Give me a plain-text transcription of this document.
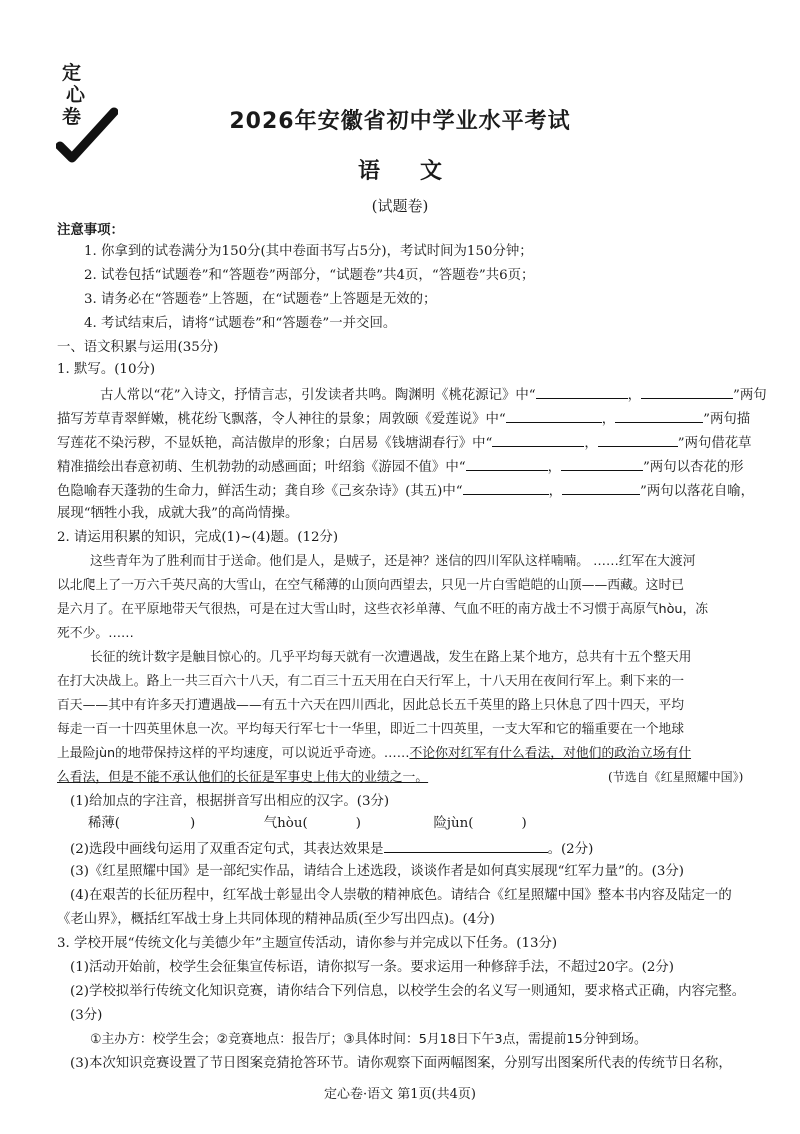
定
心
卷	2026年安徽省初中学业水平考试
语文
(试题卷)
注意事项：
1. 你拿到的试卷满分为150分(其中卷面书写占5分)，考试时间为150分钟；
2. 试卷包括“试题卷”和“答题卷”两部分，“试题卷”共4页，“答题卷”共6页；
3. 请务必在“答题卷”上答题，在“试题卷”上答题是无效的；
4. 考试结束后，请将“试题卷”和“答题卷”一并交回。
一、语文积累与运用(35分)
1. 默写。(10分)
古人常以“花”入诗文，抒情言志，引发读者共鸣。陶渊明《桃花源记》中“	，	”两句
描写芳草青翠鲜嫩，桃花纷飞飘落，令人神往的景象；周敦颐《爱莲说》中“	，	”两句描
写莲花不染污秽，不显妖艳，高洁傲岸的形象；白居易《钱塘湖春行》中“	，	”两句借花草
精准描绘出春意初萌、生机勃勃的动感画面；叶绍翁《游园不值》中“	，	”两句以杏花的形
色隐喻春天蓬勃的生命力，鲜活生动；龚自珍《己亥杂诗》(其五)中“	，	”两句以落花自喻，
展现“牺牲小我，成就大我”的高尚情操。
2. 请运用积累的知识，完成(1)~(4)题。(12分)
这些青年为了胜利而甘于送命。他们是人，是贼子，还是神？迷信的四川军队这样喃喃。 ……红军在大渡河
以北爬上了一万六千英尺高的大雪山，在空气稀薄的山顶向西望去，只见一片白雪皑皑的山顶——西藏。这时已
是六月了。在平原地带天气很热，可是在过大雪山时，这些衣衫单薄、气血不旺的南方战士不习惯于高原气hòu，冻
死不少。……
长征的统计数字是触目惊心的。几乎平均每天就有一次遭遇战，发生在路上某个地方，总共有十五个整天用
在打大决战上。路上一共三百六十八天，有二百三十五天用在白天行军上，十八天用在夜间行军上。剩下来的一
百天——其中有许多天打遭遇战——有五十六天在四川西北，因此总长五千英里的路上只休息了四十四天，平均
每走一百一十四英里休息一次。平均每天行军七十一华里，即近二十四英里，一支大军和它的辎重要在一个地球
上最险jùn的地带保持这样的平均速度，可以说近乎奇迹。……不论你对红军有什么看法，对他们的政治立场有什
么看法，但是不能不承认他们的长征是军事史上伟大的业绩之一。	(节选自《红星照耀中国》)
(1)给加点的字注音，根据拼音写出相应的汉字。(3分)
稀薄(	)	气hòu(	)	险jùn(	)
(2)选段中画线句运用了双重否定句式，其表达效果是	。(2分)
(3)《红星照耀中国》是一部纪实作品，请结合上述选段，谈谈作者是如何真实展现“红军力量”的。(3分)
(4)在艰苦的长征历程中，红军战士彰显出令人崇敬的精神底色。请结合《红星照耀中国》整本书内容及陆定一的
《老山界》，概括红军战士身上共同体现的精神品质(至少写出四点)。(4分)
3. 学校开展“传统文化与美德少年”主题宣传活动，请你参与并完成以下任务。(13分)
(1)活动开始前，校学生会征集宣传标语，请你拟写一条。要求运用一种修辞手法，不超过20字。(2分)
(2)学校拟举行传统文化知识竞赛，请你结合下列信息，以校学生会的名义写一则通知，要求格式正确，内容完整。
(3分)
①主办方：校学生会；②竞赛地点：报告厅；③具体时间：5月18日下午3点，需提前15分钟到场。
(3)本次知识竞赛设置了节日图案竞猜抢答环节。请你观察下面两幅图案，分别写出图案所代表的传统节日名称，
定心卷·语文 第1页(共4页)
